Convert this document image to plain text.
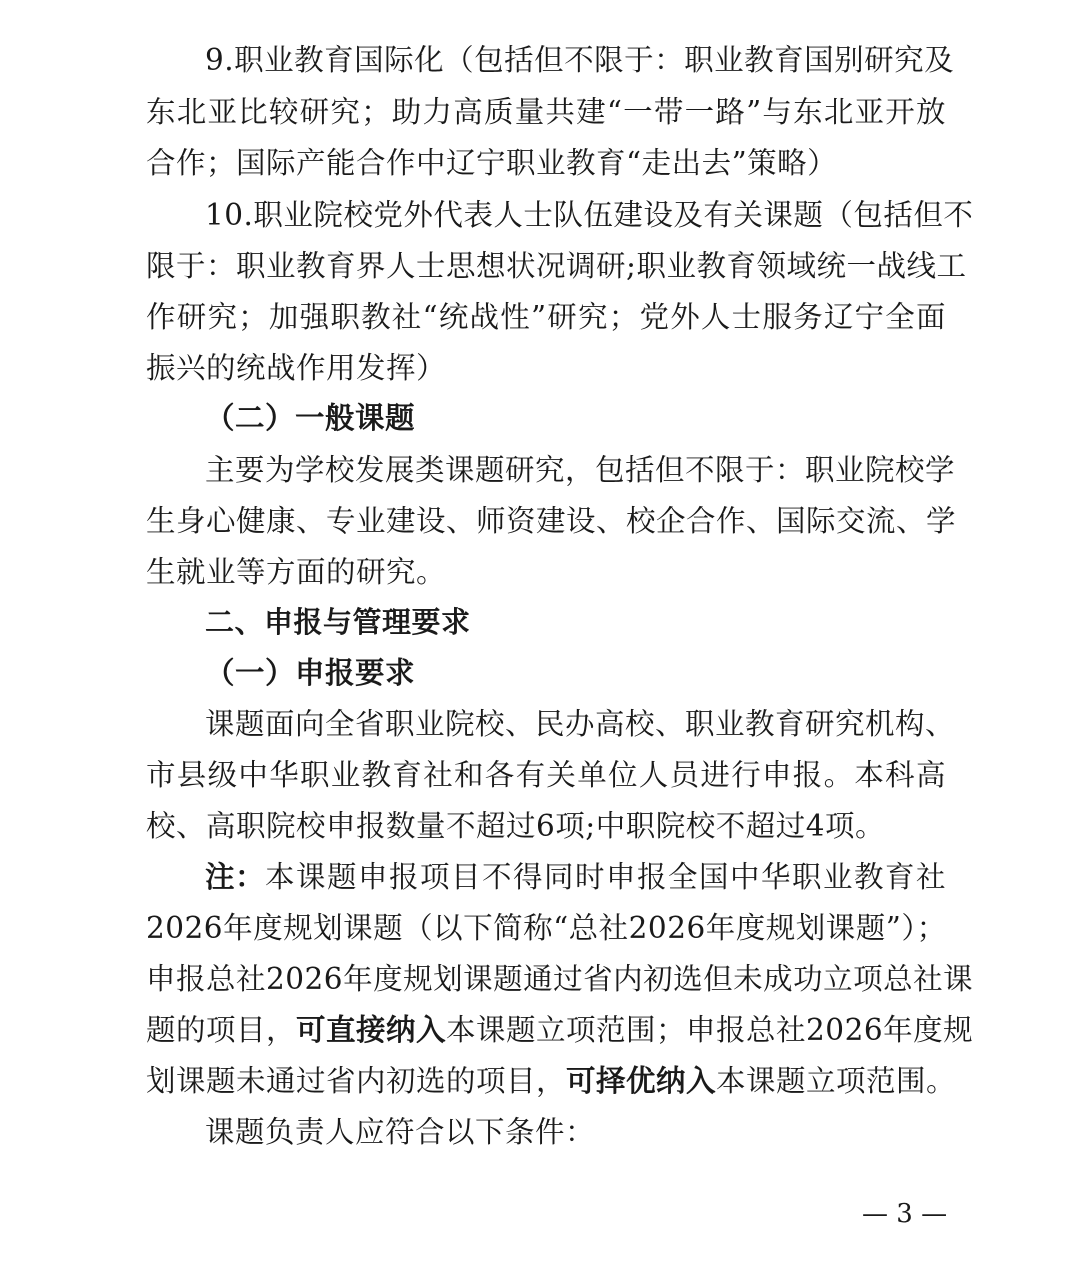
9.职业教育国际化（包括但不限于：职业教育国别研究及
东北亚比较研究；助力高质量共建“一带一路”与东北亚开放
合作；国际产能合作中辽宁职业教育“走出去”策略）
10.职业院校党外代表人士队伍建设及有关课题（包括但不
限于：职业教育界人士思想状况调研;职业教育领域统一战线工
作研究；加强职教社“统战性”研究；党外人士服务辽宁全面
振兴的统战作用发挥）
（二）一般课题
主要为学校发展类课题研究，包括但不限于：职业院校学
生身心健康、专业建设、师资建设、校企合作、国际交流、学
生就业等方面的研究。
二、申报与管理要求
（一）申报要求
课题面向全省职业院校、民办高校、职业教育研究机构、
市县级中华职业教育社和各有关单位人员进行申报。本科高
校、高职院校申报数量不超过6项;中职院校不超过4项。
注： 本课题申报项目不得同时申报全国中华职业教育社
2026年度规划课题（以下简称“总社2026年度规划课题”）；
申报总社2026年度规划课题通过省内初选但未成功立项总社课
题的项目， 可直接纳入 本课题立项范围；申报总社2026年度规
划课题未通过省内初选的项目，可择优纳入本课题立项范围。
课题负责人应符合以下条件：
— 3 —
